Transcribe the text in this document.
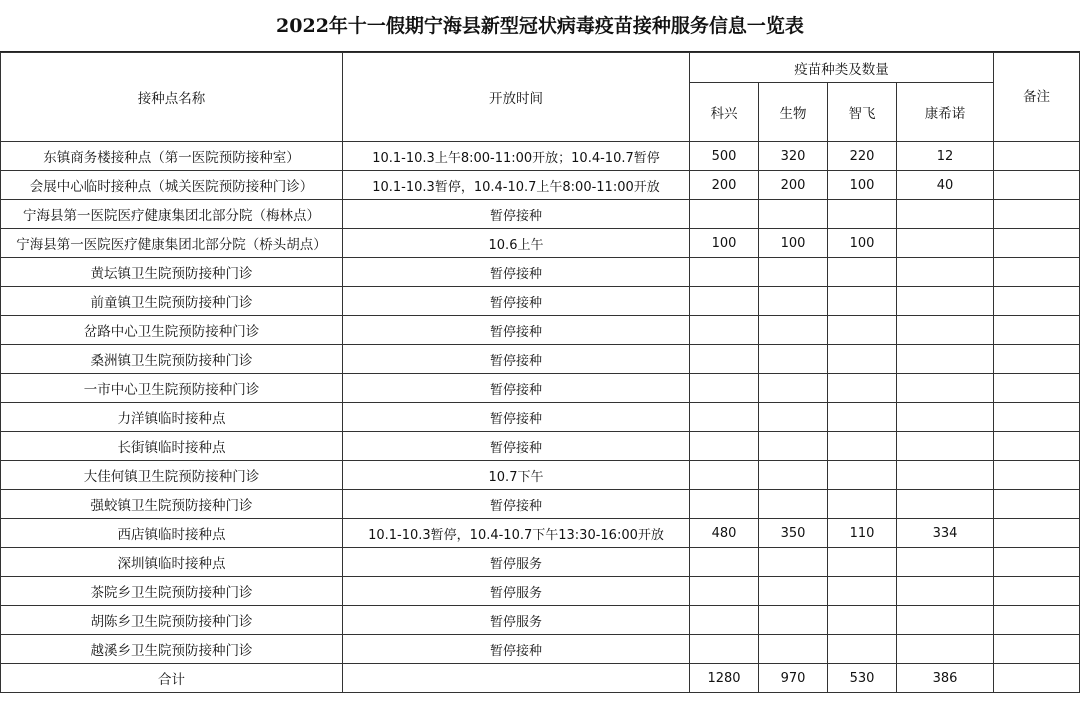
2022年十一假期宁海县新型冠状病毒疫苗接种服务信息一览表
接种点名称	开放时间	疫苗种类及数量				备注
		科兴	生物	智飞	康希诺	
东镇商务楼接种点（第一医院预防接种室）	10.1-10.3上午8:00-11:00开放；10.4-10.7暂停	500	320	220	12	
会展中心临时接种点（城关医院预防接种门诊）	10.1-10.3暂停，10.4-10.7上午8:00-11:00开放	200	200	100	40	
宁海县第一医院医疗健康集团北部分院（梅林点）	暂停接种					
宁海县第一医院医疗健康集团北部分院（桥头胡点）	10.6上午	100	100	100		
黄坛镇卫生院预防接种门诊	暂停接种					
前童镇卫生院预防接种门诊	暂停接种					
岔路中心卫生院预防接种门诊	暂停接种					
桑洲镇卫生院预防接种门诊	暂停接种					
一市中心卫生院预防接种门诊	暂停接种					
力洋镇临时接种点	暂停接种					
长街镇临时接种点	暂停接种					
大佳何镇卫生院预防接种门诊	10.7下午					
强蛟镇卫生院预防接种门诊	暂停接种					
西店镇临时接种点	10.1-10.3暂停，10.4-10.7下午13:30-16:00开放	480	350	110	334	
深圳镇临时接种点	暂停服务					
茶院乡卫生院预防接种门诊	暂停服务					
胡陈乡卫生院预防接种门诊	暂停服务					
越溪乡卫生院预防接种门诊	暂停接种					
合计		1280	970	530	386	
